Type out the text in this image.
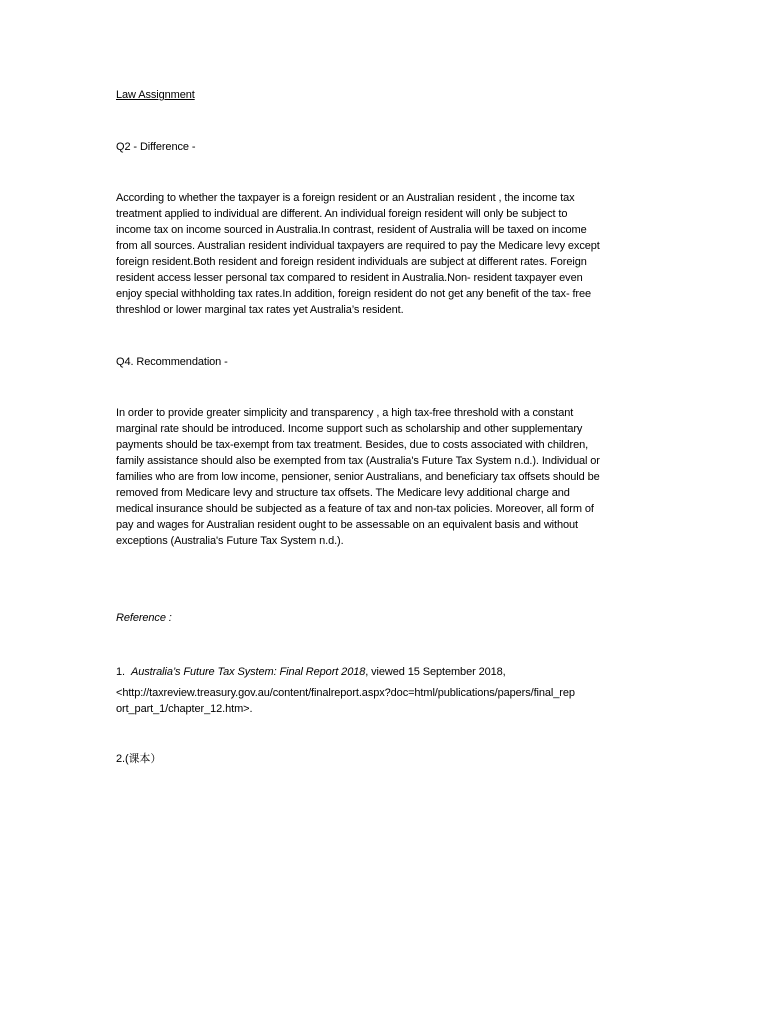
Law Assignment
Q2 - Difference -
According to whether the taxpayer is a foreign resident or an Australian resident , the income tax
treatment applied to individual are different. An individual foreign resident will only be subject to
income tax on income sourced in Australia.In contrast, resident of Australia will be taxed on income
from all sources. Australian resident individual taxpayers are required to pay the Medicare levy except
foreign resident.Both resident and foreign resident individuals are subject at different rates. Foreign
resident access lesser personal tax compared to resident in Australia.Non- resident taxpayer even
enjoy special withholding tax rates.In addition, foreign resident do not get any benefit of the tax- free
threshlod or lower marginal tax rates yet Australia’s resident.
Q4. Recommendation -
In order to provide greater simplicity and transparency , a high tax-free threshold with a constant
marginal rate should be introduced. Income support such as scholarship and other supplementary
payments should be tax-exempt from tax treatment. Besides, due to costs associated with children,
family assistance should also be exempted from tax (Australia's Future Tax System n.d.). Individual or
families who are from low income, pensioner, senior Australians, and beneficiary tax offsets should be
removed from Medicare levy and structure tax offsets. The Medicare levy additional charge and
medical insurance should be subjected as a feature of tax and non-tax policies. Moreover, all form of
pay and wages for Australian resident ought to be assessable on an equivalent basis and without
exceptions (Australia's Future Tax System n.d.).
Reference :
1. Australia’s Future Tax System: Final Report 2018, viewed 15 September 2018,
<http://taxreview.treasury.gov.au/content/finalreport.aspx?doc=html/publications/papers/final_rep
ort_part_1/chapter_12.htm>.
2.(课本）
